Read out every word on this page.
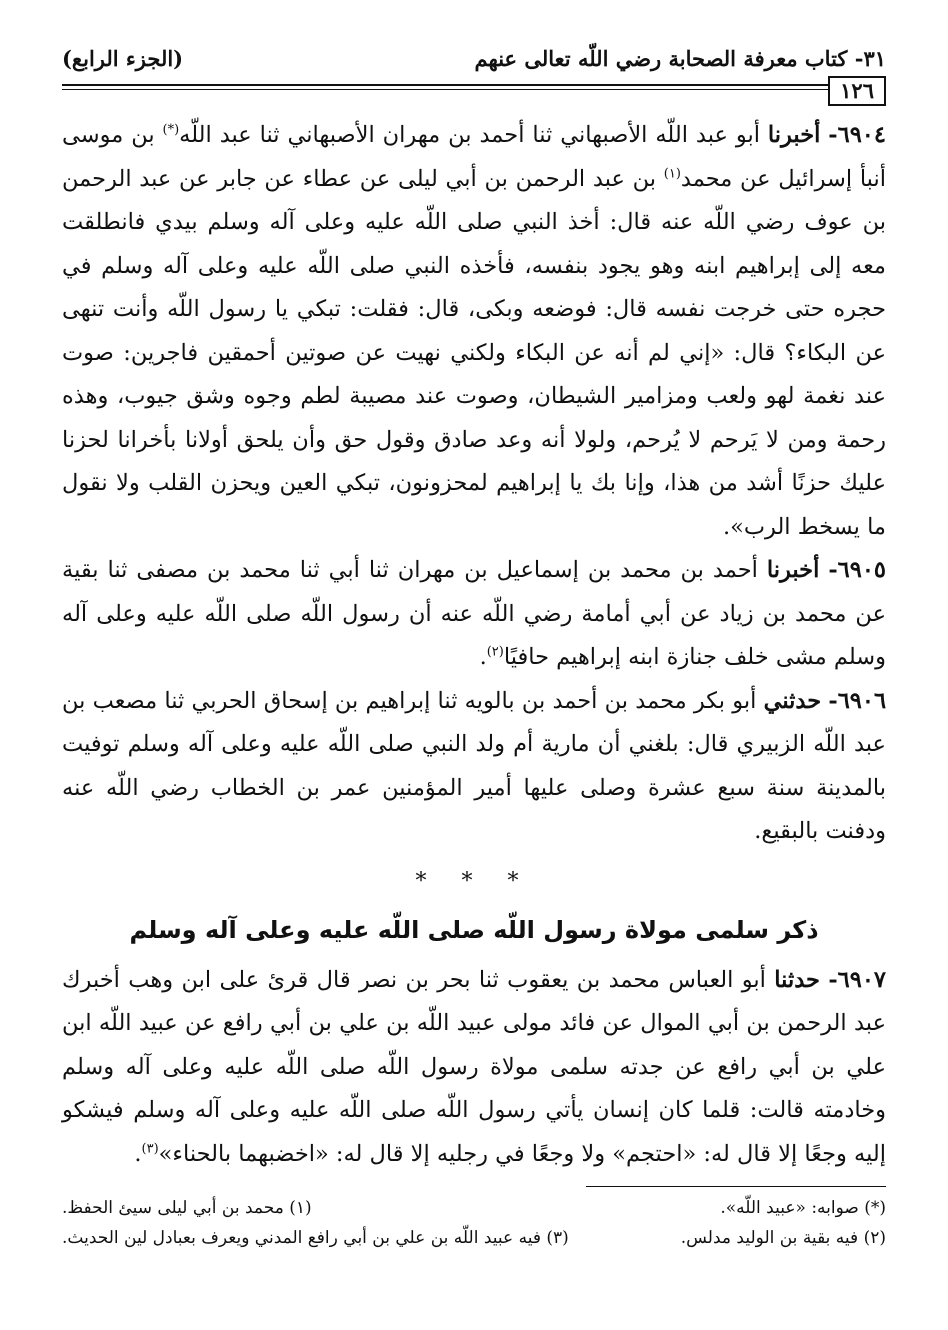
٣١- كتاب معرفة الصحابة رضي اللّه تعالى عنهم
(الجزء الرابع)
١٢٦

٦٩٠٤- أخبرنا أبو عبد اللّه الأصبهاني ثنا أحمد بن مهران الأصبهاني ثنا عبد اللّه(*) بن موسى أنبأ إسرائيل عن محمد$^{(١)}$ بن عبد الرحمن بن أبي ليلى عن عطاء عن جابر عن عبد الرحمن بن عوف رضي اللّه عنه قال: أخذ النبي صلى اللّه عليه وعلى آله وسلم بيدي فانطلقت معه إلى إبراهيم ابنه وهو يجود بنفسه، فأخذه النبي صلى اللّه عليه وعلى آله وسلم في حجره حتى خرجت نفسه قال: فوضعه وبكى، قال: فقلت: تبكي يا رسول اللّه وأنت تنهى عن البكاء؟ قال: «إني لم أنه عن البكاء ولكني نهيت عن صوتين أحمقين فاجرين: صوت عند نغمة لهو ولعب ومزامير الشيطان، وصوت عند مصيبة لطم وجوه وشق جيوب، وهذه رحمة ومن لا يَرحم لا يُرحم، ولولا أنه وعد صادق وقول حق وأن يلحق أولانا بأخرانا لحزنا عليك حزنًا أشد من هذا، وإنا بك يا إبراهيم لمحزونون، تبكي العين ويحزن القلب ولا نقول ما يسخط الرب».

٦٩٠٥- أخبرنا أحمد بن محمد بن إسماعيل بن مهران ثنا أبي ثنا محمد بن مصفى ثنا بقية عن محمد بن زياد عن أبي أمامة رضي اللّه عنه أن رسول اللّه صلى اللّه عليه وعلى آله وسلم مشى خلف جنازة ابنه إبراهيم حافيًا$^{(٢)}$.

٦٩٠٦- حدثني أبو بكر محمد بن أحمد بن بالويه ثنا إبراهيم بن إسحاق الحربي ثنا مصعب بن عبد اللّه الزبيري قال: بلغني أن مارية أم ولد النبي صلى اللّه عليه وعلى آله وسلم توفيت بالمدينة سنة سبع عشرة وصلى عليها أمير المؤمنين عمر بن الخطاب رضي اللّه عنه ودفنت بالبقيع.

* * *
ذكر سلمى مولاة رسول اللّه صلى اللّه عليه وعلى آله وسلم

٦٩٠٧- حدثنا أبو العباس محمد بن يعقوب ثنا بحر بن نصر قال قرئ على ابن وهب أخبرك عبد الرحمن بن أبي الموال عن فائد مولى عبيد اللّه بن علي بن أبي رافع عن عبيد اللّه ابن علي بن أبي رافع عن جدته سلمى مولاة رسول اللّه صلى اللّه عليه وعلى آله وسلم وخادمته قالت: قلما كان إنسان يأتي رسول اللّه صلى اللّه عليه وعلى آله وسلم فيشكو إليه وجعًا إلا قال له: «احتجم» ولا وجعًا في رجليه إلا قال له: «اخضبهما بالحناء»$^{(٣)}$.

(*) صوابه: «عبيد اللّه».
(١) محمد بن أبي ليلى سيئ الحفظ.
(٢) فيه بقية بن الوليد مدلس.
(٣) فيه عبيد اللّه بن علي بن أبي رافع المدني ويعرف بعبادل لين الحديث.
